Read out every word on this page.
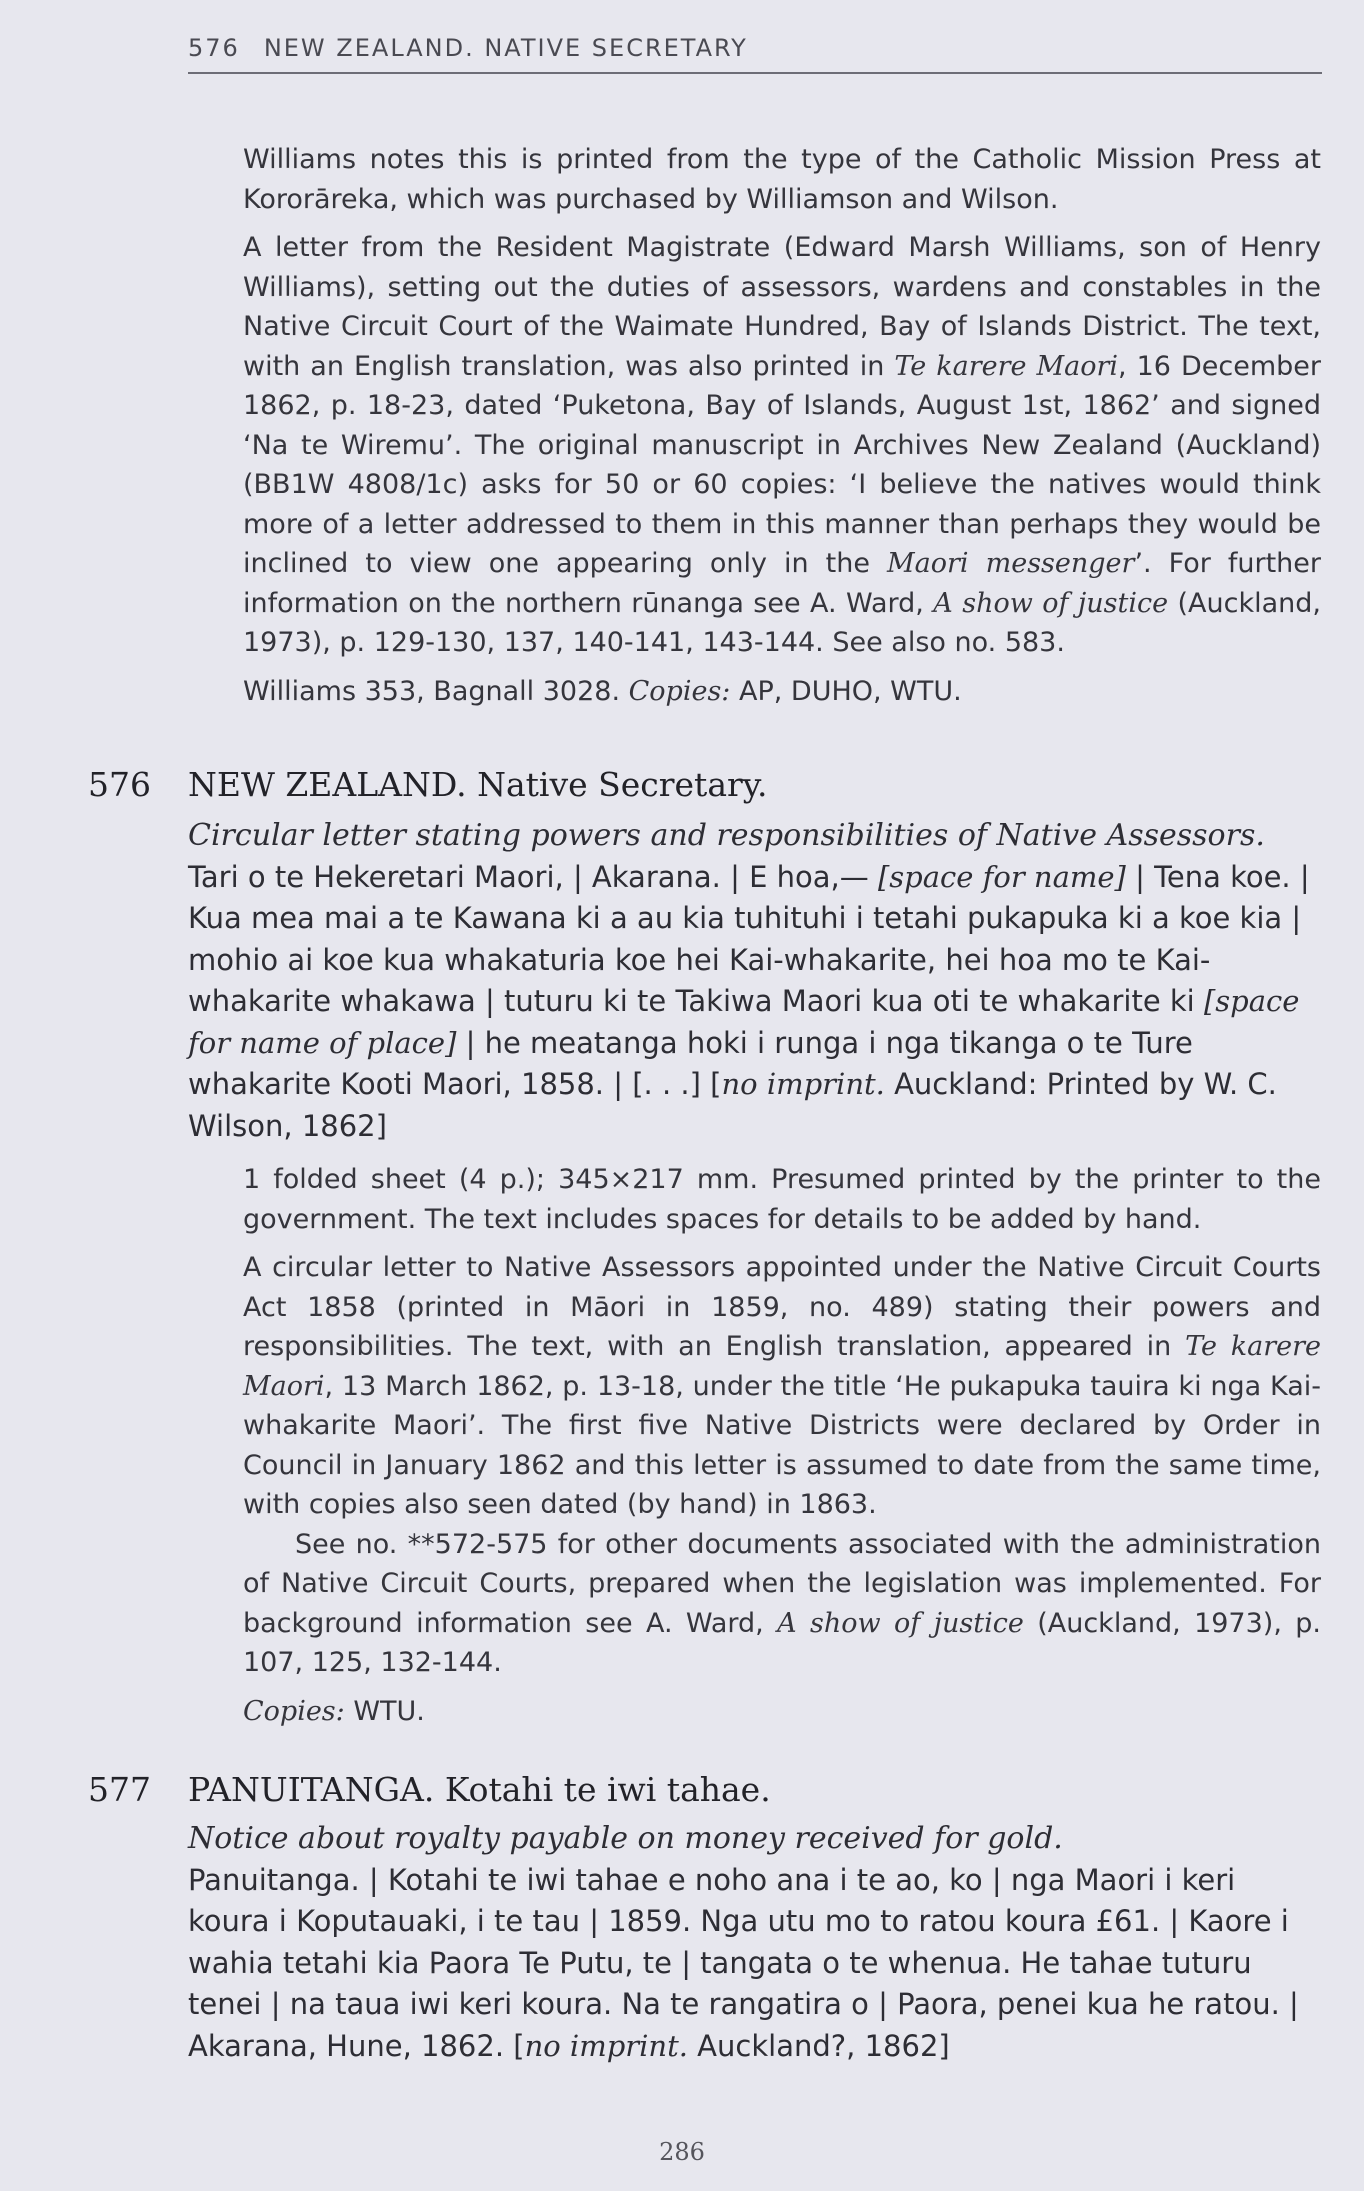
576 NEW ZEALAND. NATIVE SECRETARY

Williams notes this is printed from the type of the Catholic Mission Press at Kororāreka, which was purchased by Williamson and Wilson.

A letter from the Resident Magistrate (Edward Marsh Williams, son of Henry Williams), setting out the duties of assessors, wardens and constables in the Native Circuit Court of the Waimate Hundred, Bay of Islands District. The text, with an English translation, was also printed in Te karere Maori, 16 December 1862, p. 18-23, dated ‘Puketona, Bay of Islands, August 1st, 1862’ and signed ‘Na te Wiremu’. The original manuscript in Archives New Zealand (Auckland) (BB1W 4808/1c) asks for 50 or 60 copies: ‘I believe the natives would think more of a letter addressed to them in this manner than perhaps they would be inclined to view one appearing only in the Maori messenger’. For further information on the northern rūnanga see A. Ward, A show of justice (Auckland, 1973), p. 129-130, 137, 140-141, 143-144. See also no. 583.

Williams 353, Bagnall 3028. Copies: AP, DUHO, WTU.

576 NEW ZEALAND. Native Secretary.
Circular letter stating powers and responsibilities of Native Assessors.
Tari o te Hekeretari Maori, | Akarana. | E hoa,— [space for name] | Tena koe. | Kua mea mai a te Kawana ki a au kia tuhituhi i tetahi pukapuka ki a koe kia | mohio ai koe kua whakaturia koe hei Kai-whakarite, hei hoa mo te Kai-whakarite whakawa | tuturu ki te Takiwa Maori kua oti te whakarite ki [space for name of place] | he meatanga hoki i runga i nga tikanga o te Ture whakarite Kooti Maori, 1858. | [. . .] [no imprint. Auckland: Printed by W. C. Wilson, 1862]

1 folded sheet (4 p.); 345×217 mm. Presumed printed by the printer to the government. The text includes spaces for details to be added by hand.

A circular letter to Native Assessors appointed under the Native Circuit Courts Act 1858 (printed in Māori in 1859, no. 489) stating their powers and responsibilities. The text, with an English translation, appeared in Te karere Maori, 13 March 1862, p. 13-18, under the title ‘He pukapuka tauira ki nga Kai-whakarite Maori’. The first five Native Districts were declared by Order in Council in January 1862 and this letter is assumed to date from the same time, with copies also seen dated (by hand) in 1863.

See no. **572-575 for other documents associated with the administration of Native Circuit Courts, prepared when the legislation was implemented. For background information see A. Ward, A show of justice (Auckland, 1973), p. 107, 125, 132-144.

Copies: WTU.

577 PANUITANGA. Kotahi te iwi tahae.
Notice about royalty payable on money received for gold.
Panuitanga. | Kotahi te iwi tahae e noho ana i te ao, ko | nga Maori i keri koura i Koputauaki, i te tau | 1859. Nga utu mo to ratou koura £61. | Kaore i wahia tetahi kia Paora Te Putu, te | tangata o te whenua. He tahae tuturu tenei | na taua iwi keri koura. Na te rangatira o | Paora, penei kua he ratou. | Akarana, Hune, 1862. [no imprint. Auckland?, 1862]
286
